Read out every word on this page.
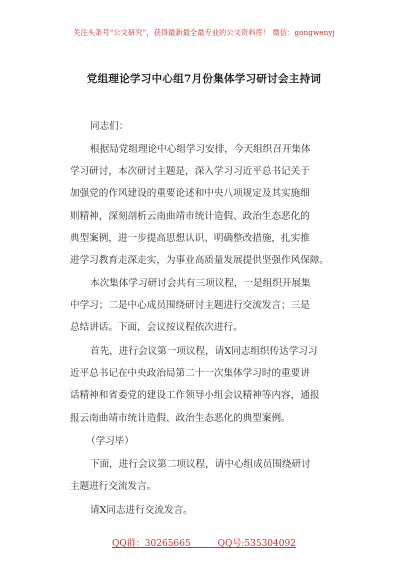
关注头条号“公文研究”，获得最新最全最专业的公文资料库！ 微信：gongwenyj
党组理论学习中心组7月份集体学习研讨会主持词
同志们：
根据局党组理论中心组学习安排，今天组织召开集体
学习研讨，本次研讨主题是，深入学习习近平总书记关于
加强党的作风建设的重要论述和中央八项规定及其实施细
则精神，深刻剖析云南曲靖市统计造假、政治生态恶化的
典型案例，进一步提高思想认识、明确整改措施，扎实推
进学习教育走深走实，为事业高质量发展提供坚强作风保障。
本次集体学习研讨会共有三项议程，一是组织开展集
中学习；二是中心成员围绕研讨主题进行交流发言；三是
总结讲话。下面，会议按议程依次进行。
首先，进行会议第一项议程，请X同志组织传达学习习
近平总书记在中央政治局第二十一次集体学习时的重要讲
话精神和省委党的建设工作领导小组会议精神等内容，通报
报云南曲靖市统计造假、政治生态恶化的典型案例。
（学习毕）
下面，进行会议第二项议程，请中心组成员围绕研讨
主题进行交流发言。
请X同志进行交流发言。
QQ群：30265665　　　QQ号:535304092
